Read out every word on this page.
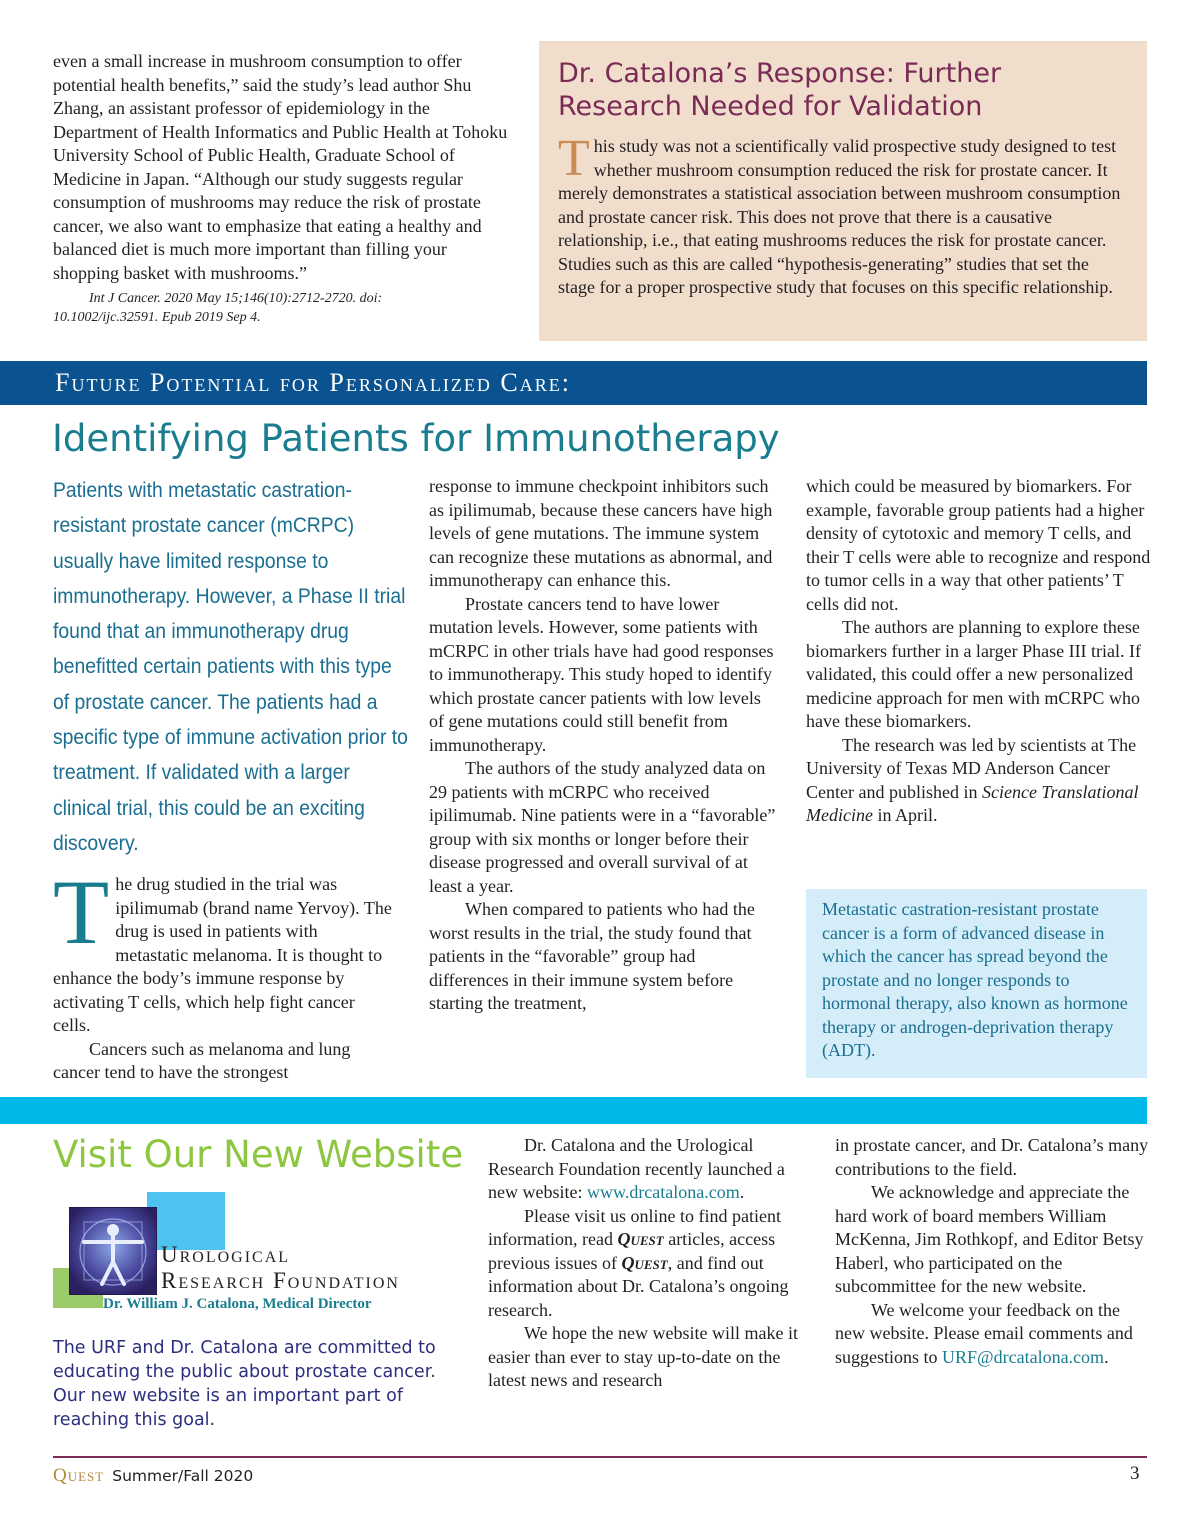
even a small increase in mushroom consumption to offer potential health benefits,” said the study’s lead author Shu Zhang, an assistant professor of epidemiology in the Department of Health Informatics and Public Health at Tohoku University School of Public Health, Graduate School of Medicine in Japan. “Although our study suggests regular consumption of mushrooms may reduce the risk of prostate cancer, we also want to emphasize that eating a healthy and balanced diet is much more important than filling your shopping basket with mushrooms.”

Int J Cancer. 2020 May 15;146(10):2712-2720. doi:
10.1002/ijc.32591. Epub 2019 Sep 4.
Dr. Catalona’s Response: Further Research Needed for Validation
This study was not a scientifically valid prospective study designed to test whether mushroom consumption reduced the risk for prostate cancer. It merely demonstrates a statistical association between mushroom consumption and prostate cancer risk. This does not prove that there is a causative relationship, i.e., that eating mushrooms reduces the risk for prostate cancer. Studies such as this are called “hypothesis-generating” studies that set the stage for a proper prospective study that focuses on this specific relationship.
Future Potential for Personalized Care:
Identifying Patients for Immunotherapy
Patients with metastatic castration-resistant prostate cancer (mCRPC) usually have limited response to immunotherapy. However, a Phase II trial found that an immunotherapy drug benefitted certain patients with this type of prostate cancer. The patients had a specific type of immune activation prior to treatment. If validated with a larger clinical trial, this could be an exciting discovery.

The drug studied in the trial was ipilimumab (brand name Yervoy). The drug is used in patients with metastatic melanoma. It is thought to enhance the body’s immune response by activating T cells, which help fight cancer cells.

Cancers such as melanoma and lung cancer tend to have the strongest

response to immune checkpoint inhibitors such as ipilimumab, because these cancers have high levels of gene mutations. The immune system can recognize these mutations as abnormal, and immunotherapy can enhance this.

Prostate cancers tend to have lower mutation levels. However, some patients with mCRPC in other trials have had good responses to immunotherapy. This study hoped to identify which prostate cancer patients with low levels of gene mutations could still benefit from immunotherapy.

The authors of the study analyzed data on 29 patients with mCRPC who received ipilimumab. Nine patients were in a “favorable” group with six months or longer before their disease progressed and overall survival of at least a year.

When compared to patients who had the worst results in the trial, the study found that patients in the “favorable” group had differences in their immune system before starting the treatment,

which could be measured by biomarkers. For example, favorable group patients had a higher density of cytotoxic and memory T cells, and their T cells were able to recognize and respond to tumor cells in a way that other patients’ T cells did not.

The authors are planning to explore these biomarkers further in a larger Phase III trial. If validated, this could offer a new personalized medicine approach for men with mCRPC who have these biomarkers.

The research was led by scientists at The University of Texas MD Anderson Cancer Center and published in Science Translational Medicine in April.

Metastatic castration-resistant prostate cancer is a form of advanced disease in which the cancer has spread beyond the prostate and no longer responds to hormonal therapy, also known as hormone therapy or androgen-deprivation therapy (ADT).
Visit Our New Website
Urological
Research Foundation
Dr. William J. Catalona, Medical Director
The URF and Dr. Catalona are committed to educating the public about prostate cancer. Our new website is an important part of reaching this goal.

Dr. Catalona and the Urological Research Foundation recently launched a new website: www.drcatalona.com.

Please visit us online to find patient information, read Quest articles, access previous issues of Quest, and find out information about Dr. Catalona’s ongoing research.

We hope the new website will make it easier than ever to stay up-to-date on the latest news and research

in prostate cancer, and Dr. Catalona’s many contributions to the field.

We acknowledge and appreciate the hard work of board members William McKenna, Jim Rothkopf, and Editor Betsy Haberl, who participated on the subcommittee for the new website.

We welcome your feedback on the new website. Please email comments and suggestions to URF@drcatalona.com.

Quest Summer/Fall 2020	3
